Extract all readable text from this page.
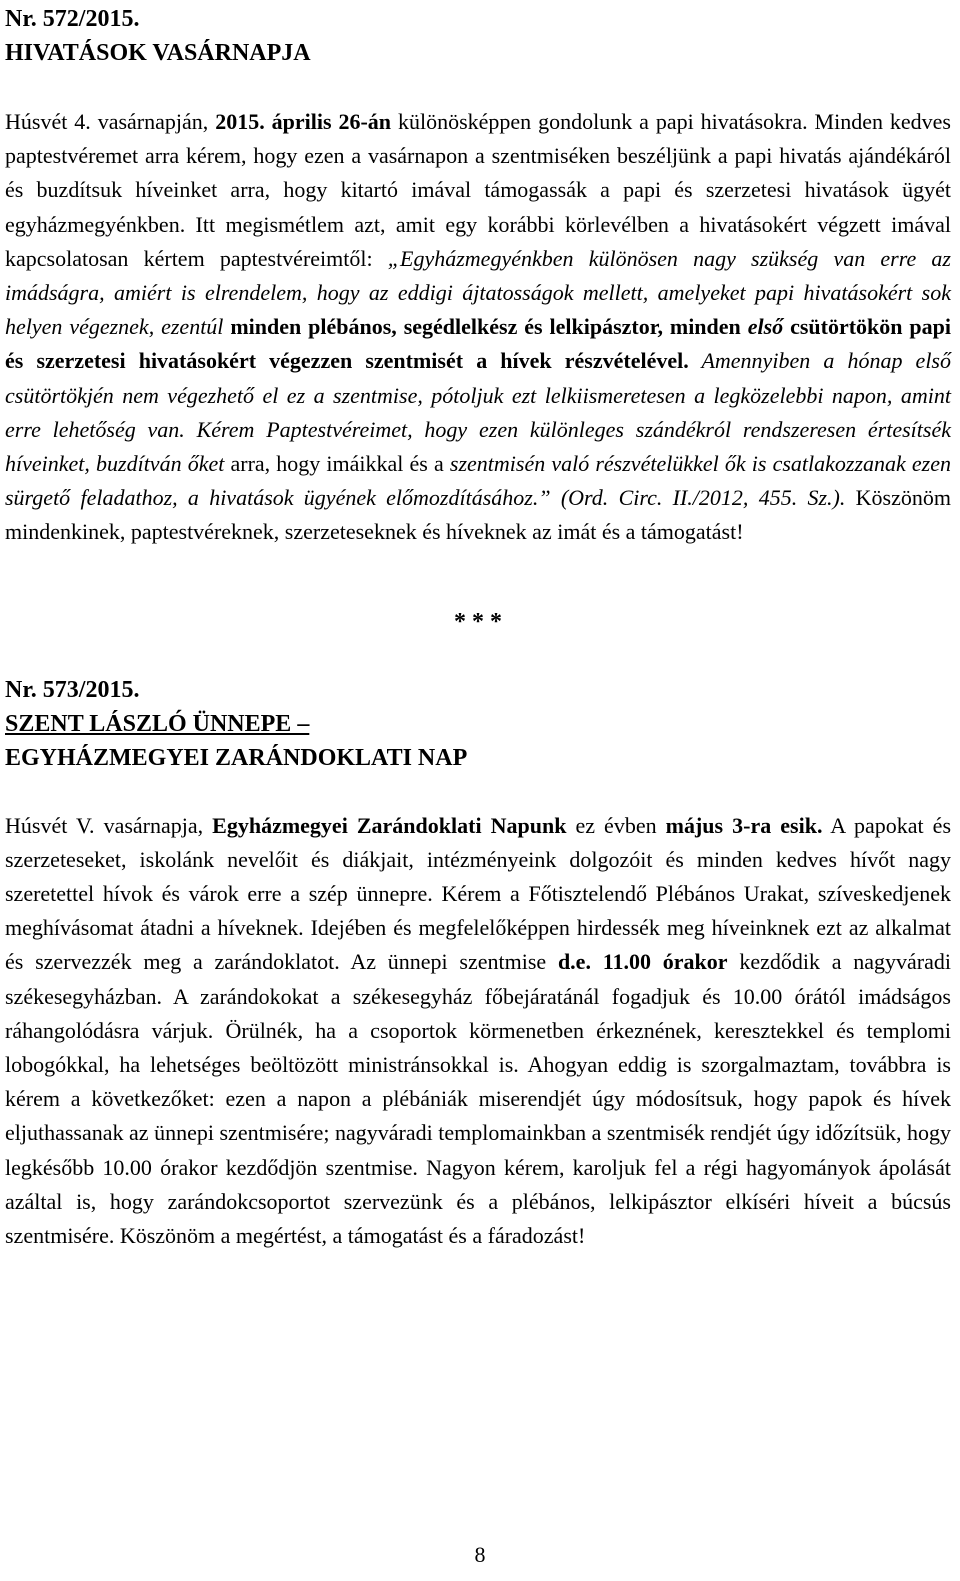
Nr. 572/2015.

HIVATÁSOK VASÁRNAPJA

Húsvét 4. vasárnapján, 2015. április 26-án különösképpen gondolunk a papi hivatásokra. Minden kedves paptestvéremet arra kérem, hogy ezen a vasárnapon a szentmiséken beszéljünk a papi hivatás ajándékáról és buzdítsuk híveinket arra, hogy kitartó imával támogassák a papi és szerzetesi hivatások ügyét egyházmegyénkben. Itt megismétlem azt, amit egy korábbi körlevélben a hivatásokért végzett imával kapcsolatosan kértem paptestvéreimtől: „Egyházmegyénkben különösen nagy szükség van erre az imádságra, amiért is elrendelem, hogy az eddigi ájtatosságok mellett, amelyeket papi hivatásokért sok helyen végeznek, ezentúl minden plébános, segédlelkész és lelkipásztor, minden első csütörtökön papi és szerzetesi hivatásokért végezzen szentmisét a hívek részvételével. Amennyiben a hónap első csütörtökjén nem végezhető el ez a szentmise, pótoljuk ezt lelkiismeretesen a legközelebbi napon, amint erre lehetőség van. Kérem Paptestvéreimet, hogy ezen különleges szándékról rendszeresen értesítsék híveinket, buzdítván őket arra, hogy imáikkal és a szentmisén való részvételükkel ők is csatlakozzanak ezen sürgető feladathoz, a hivatások ügyének előmozdításához.” (Ord. Circ. II./2012, 455. Sz.). Köszönöm mindenkinek, paptestvéreknek, szerzeteseknek és híveknek az imát és a támogatást!

* * *

Nr. 573/2015.

SZENT LÁSZLÓ ÜNNEPE –

EGYHÁZMEGYEI ZARÁNDOKLATI NAP

Húsvét V. vasárnapja, Egyházmegyei Zarándoklati Napunk ez évben május 3-ra esik. A papokat és szerzeteseket, iskolánk nevelőit és diákjait, intézményeink dolgozóit és minden kedves hívőt nagy szeretettel hívok és várok erre a szép ünnepre. Kérem a Főtisztelendő Plébános Urakat, szíveskedjenek meghívásomat átadni a híveknek. Idejében és megfelelőképpen hirdessék meg híveinknek ezt az alkalmat és szervezzék meg a zarándoklatot. Az ünnepi szentmise d.e. 11.00 órakor kezdődik a nagyváradi székesegyházban. A zarándokokat a székesegyház főbejáratánál fogadjuk és 10.00 órától imádságos ráhangolódásra várjuk. Örülnék, ha a csoportok körmenetben érkeznének, keresztekkel és templomi lobogókkal, ha lehetséges beöltözött ministránsokkal is. Ahogyan eddig is szorgalmaztam, továbbra is kérem a következőket: ezen a napon a plébániák miserendjét úgy módosítsuk, hogy papok és hívek eljuthassanak az ünnepi szentmisére; nagyváradi templomainkban a szentmisék rendjét úgy időzítsük, hogy legkésőbb 10.00 órakor kezdődjön szentmise. Nagyon kérem, karoljuk fel a régi hagyományok ápolását azáltal is, hogy zarándokcsoportot szervezünk és a plébános, lelkipásztor elkíséri híveit a búcsús szentmisére. Köszönöm a megértést, a támogatást és a fáradozást!

8
